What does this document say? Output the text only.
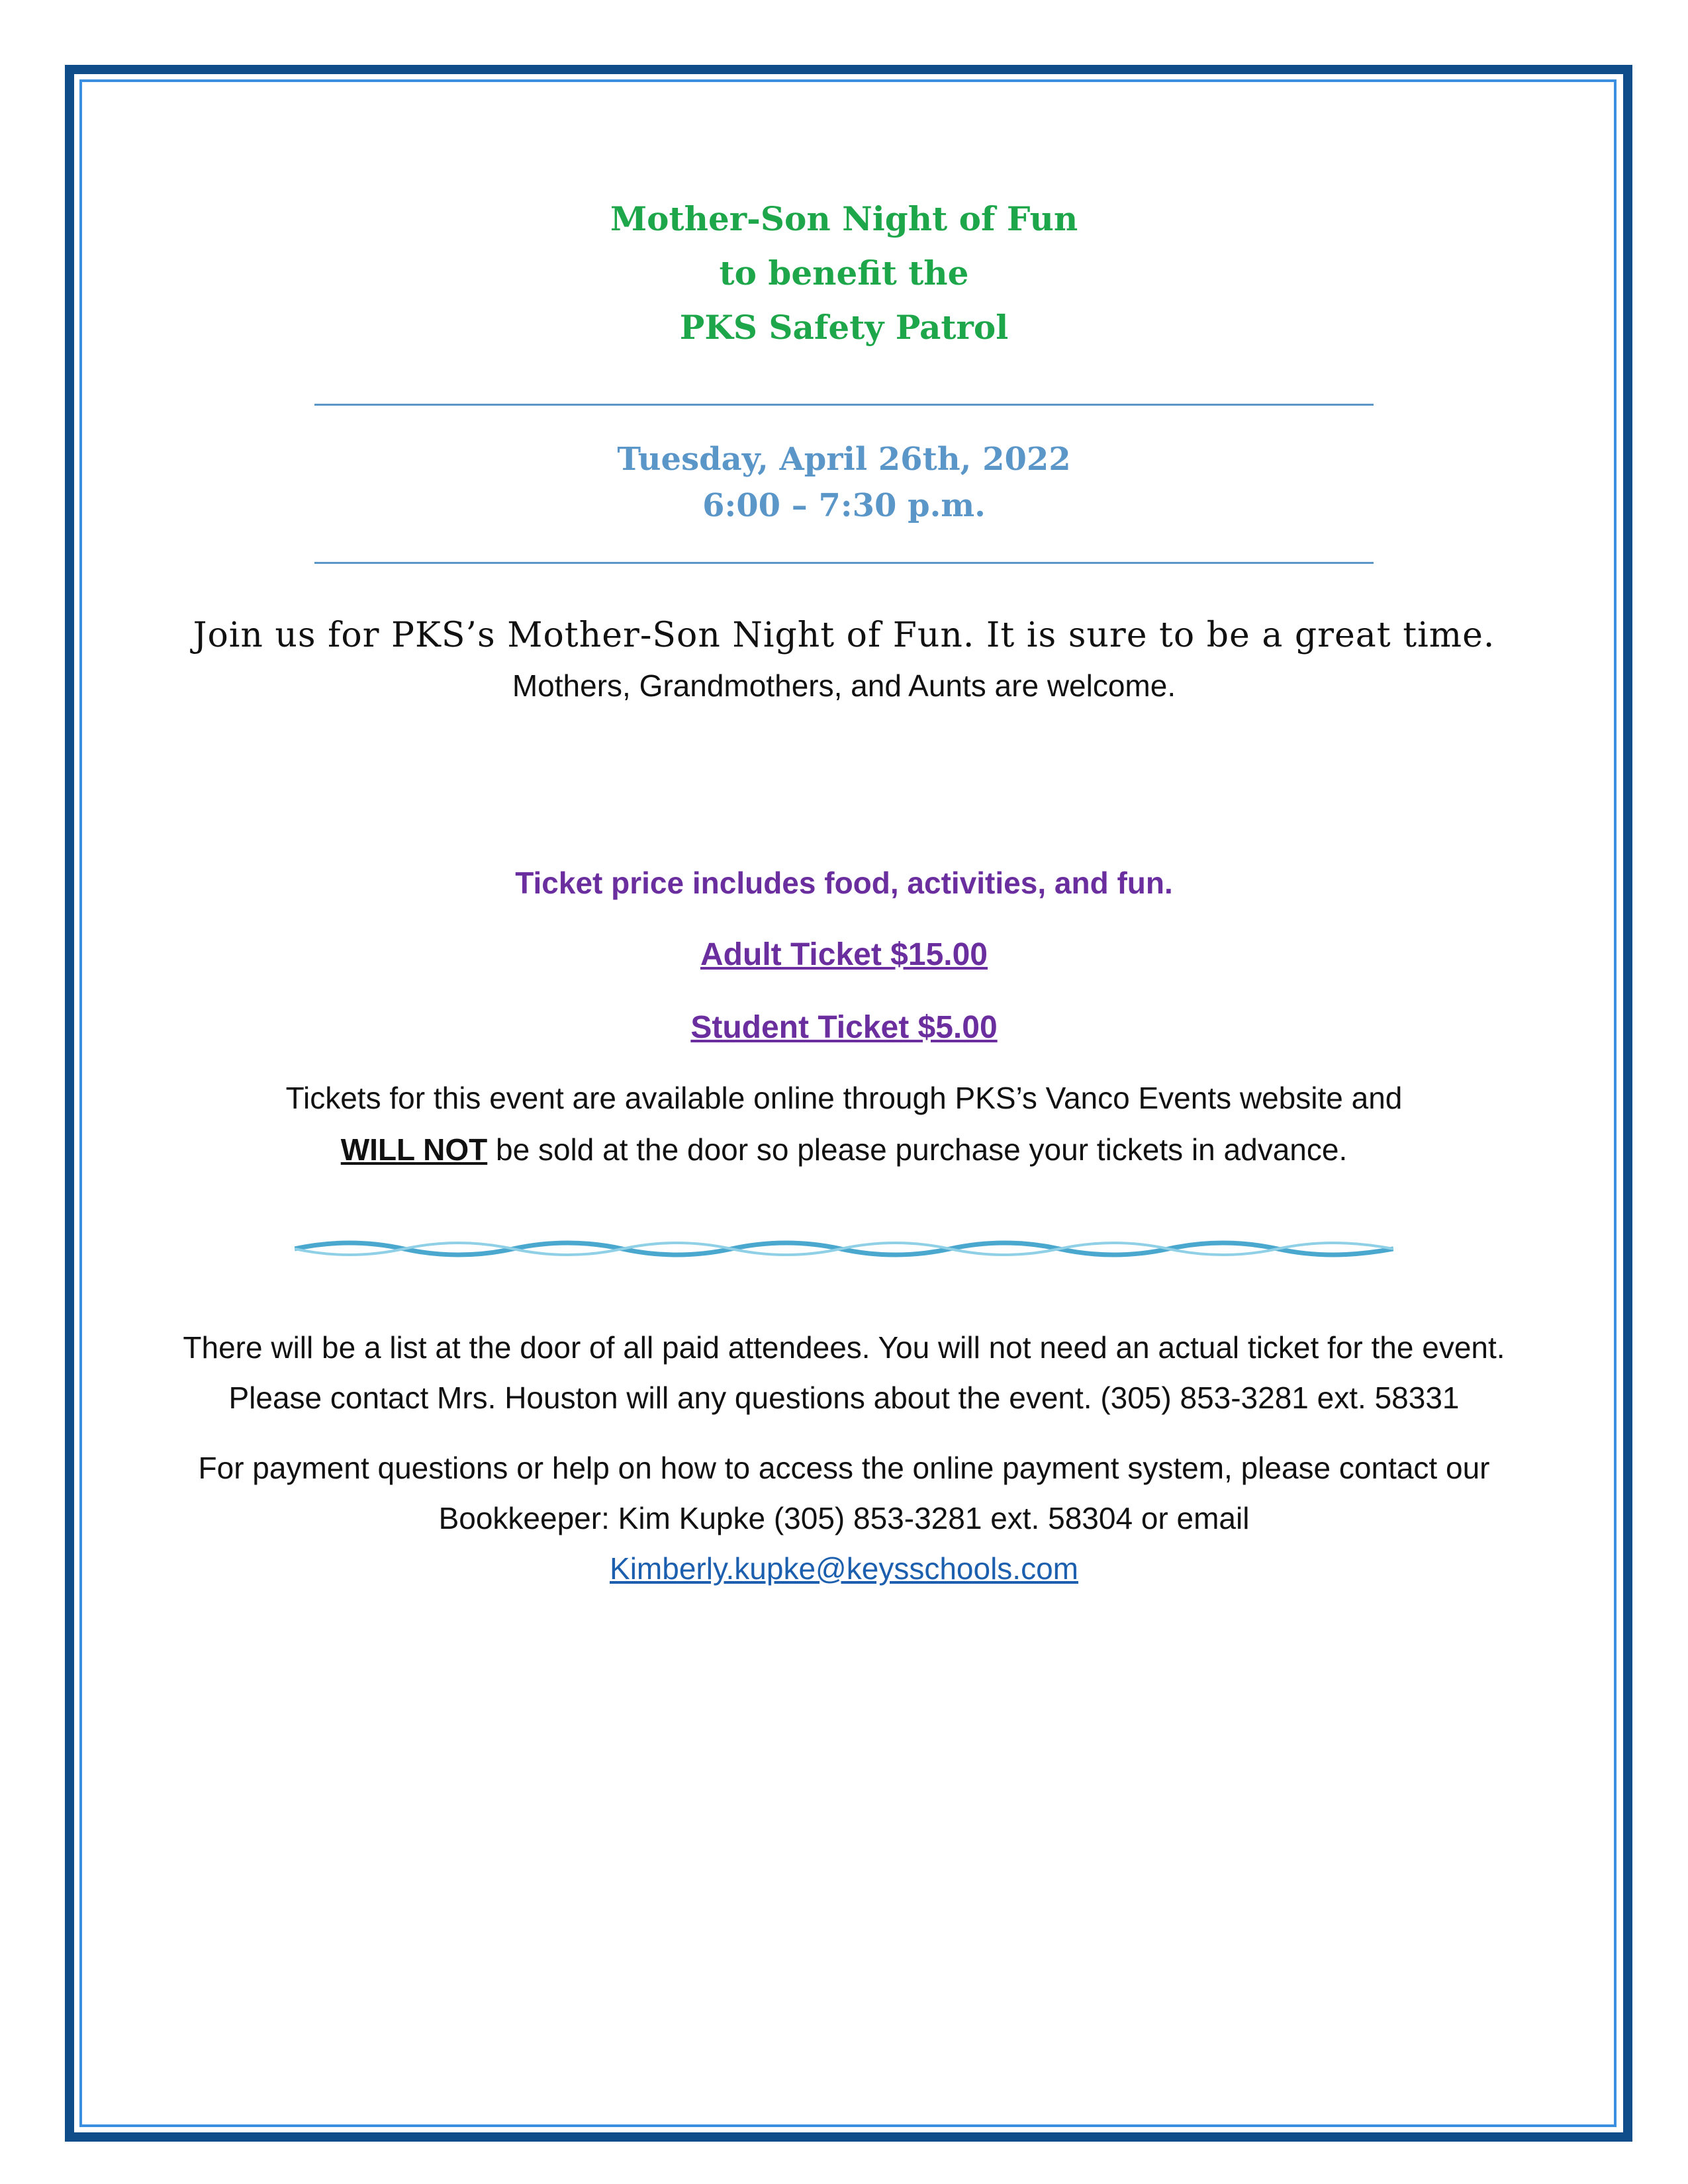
Mother-Son Night of Fun
to benefit the
PKS Safety Patrol
Tuesday, April 26th, 2022
6:00 – 7:30 p.m.
Join us for PKS’s Mother-Son Night of Fun. It is sure to be a great time.
Mothers, Grandmothers, and Aunts are welcome.
Ticket price includes food, activities, and fun.
Adult Ticket $15.00
Student Ticket $5.00
Tickets for this event are available online through PKS’s Vanco Events website and
WILL NOT be sold at the door so please purchase your tickets in advance.
There will be a list at the door of all paid attendees. You will not need an actual ticket for the event. Please contact Mrs. Houston will any questions about the event. (305) 853-3281 ext. 58331
For payment questions or help on how to access the online payment system, please contact our Bookkeeper: Kim Kupke (305) 853-3281 ext. 58304 or email
Kimberly.kupke@keysschools.com
